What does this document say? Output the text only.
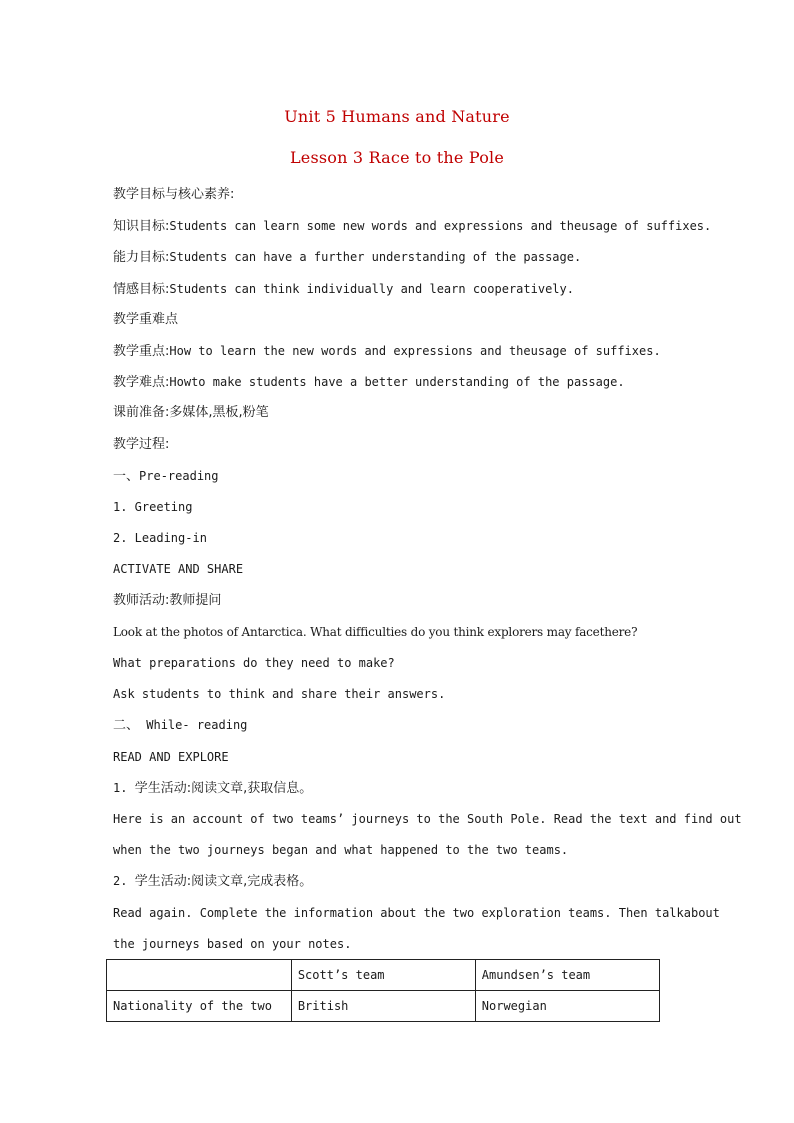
Unit 5 Humans and Nature
Lesson 3 Race to the Pole
教学目标与核心素养:
知识目标:Students can learn some new words and expressions and theusage of suffixes.
能力目标:Students can have a further understanding of the passage.
情感目标:Students can think individually and learn cooperatively.
教学重难点
教学重点:How to learn the new words and expressions and theusage of suffixes.
教学难点:Howto make students have a better understanding of the passage.
课前准备:多媒体,黑板,粉笔
教学过程:
一、Pre-reading
1. Greeting
2. Leading-in
ACTIVATE AND SHARE
教师活动:教师提问
Look at the photos of Antarctica. What difficulties do you think explorers may facethere?
What preparations do they need to make?
Ask students to think and share their answers.
二、 While- reading
READ AND EXPLORE
1. 学生活动:阅读文章,获取信息。
Here is an account of two teams’ journeys to the South Pole. Read the text and find out
when the two journeys began and what happened to the two teams.
2. 学生活动:阅读文章,完成表格。
Read again. Complete the information about the two exploration teams. Then talkabout
the journeys based on your notes.
	Scott’s team	Amundsen’s team
Nationality of the two	British	Norwegian
